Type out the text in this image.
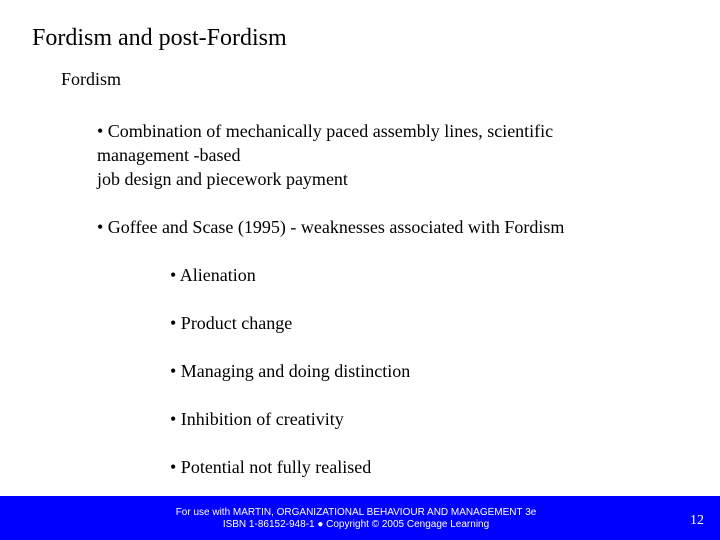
Fordism and post-Fordism
Fordism
• Combination of mechanically paced assembly lines, scientific
management -based
job design and piecework payment
• Goffee and Scase (1995) - weaknesses associated with Fordism
• Alienation
• Product change
• Managing and doing distinction
• Inhibition of creativity
• Potential not fully realised
For use with MARTIN, ORGANIZATIONAL BEHAVIOUR AND MANAGEMENT 3e
ISBN 1-86152-948-1 ● Copyright © 2005 Cengage Learning	12
